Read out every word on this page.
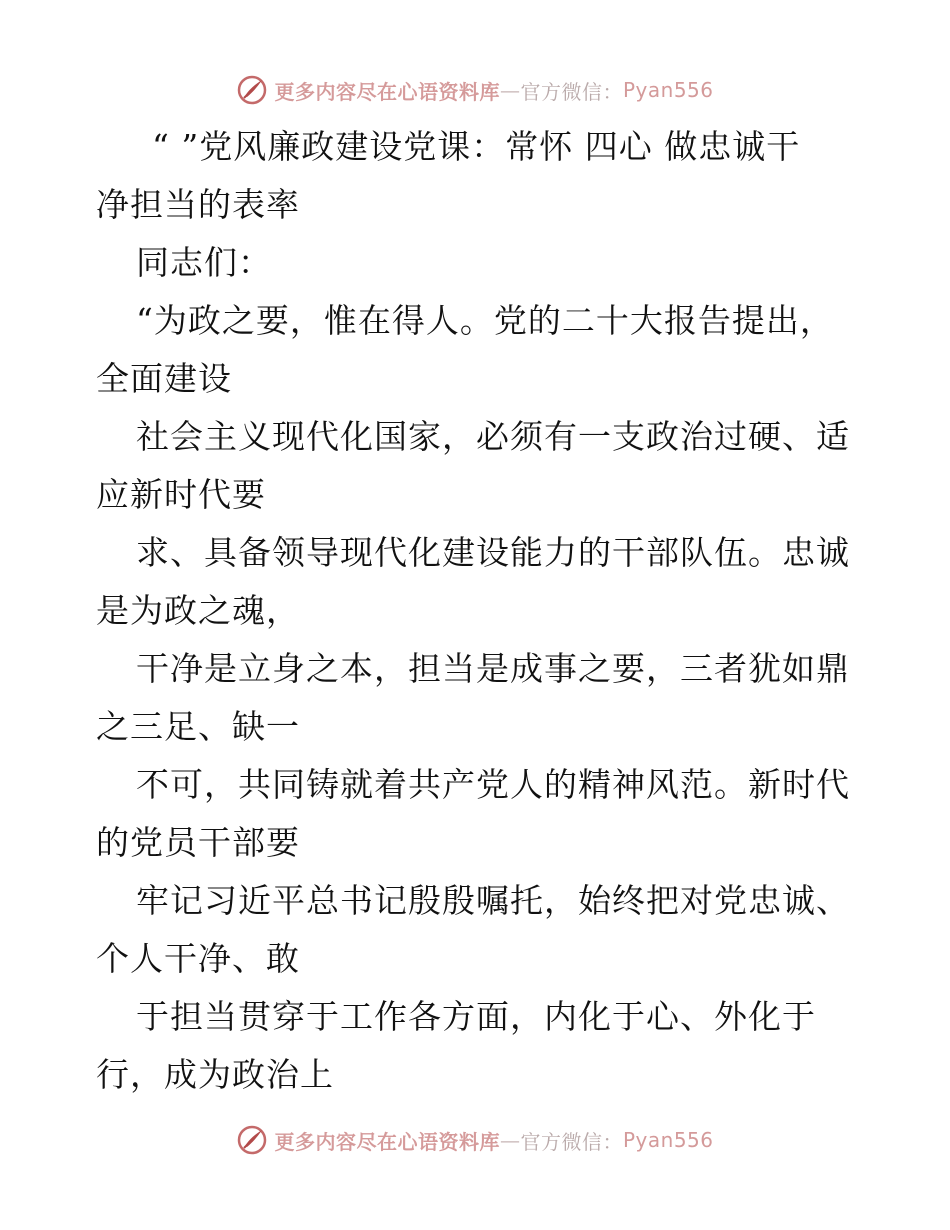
更多内容尽在心语资料库 — 官方微信： Pyan556
“ ”党风廉政建设党课：常怀 四心 做忠诚干
净担当的表率
同志们：
“为政之要，惟在得人。党的二十大报告提出，
全面建设
社会主义现代化国家，必须有一支政治过硬、适
应新时代要
求、具备领导现代化建设能力的干部队伍。忠诚
是为政之魂，
干净是立身之本，担当是成事之要，三者犹如鼎
之三足、缺一
不可，共同铸就着共产党人的精神风范。新时代
的党员干部要
牢记习近平总书记殷殷嘱托，始终把对党忠诚、
个人干净、敢
于担当贯穿于工作各方面，内化于心、外化于
行，成为政治上
更多内容尽在心语资料库 — 官方微信： Pyan556
